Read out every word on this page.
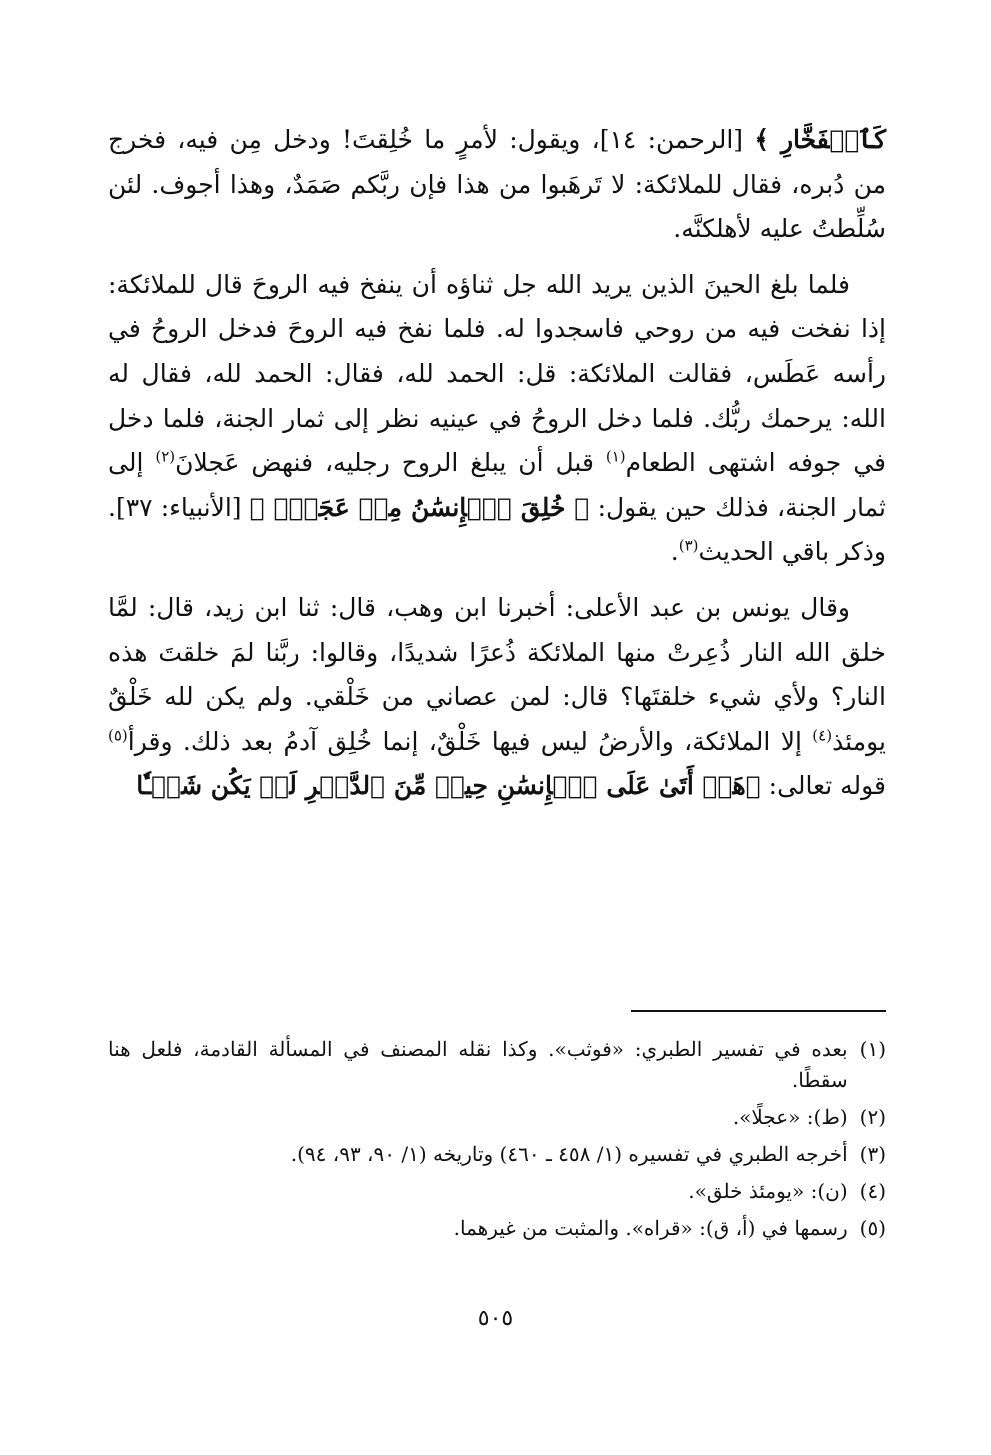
كَٱلۡفَخَّارِ ﴾ [الرحمن: ١٤]، ويقول: لأمرٍ ما خُلِقتَ! ودخل مِن فيه، فخرج من دُبره، فقال للملائكة: لا تَرهَبوا من هذا فإن ربَّكم صَمَدٌ، وهذا أجوف. لئن سُلِّطتُ عليه لأهلكنَّه.

فلما بلغ الحينَ الذين يريد الله جل ثناؤه أن ينفخ فيه الروحَ قال للملائكة: إذا نفخت فيه من روحي فاسجدوا له. فلما نفخ فيه الروحَ فدخل الروحُ في رأسه عَطَس، فقالت الملائكة: قل: الحمد لله، فقال: الحمد لله، فقال له الله: يرحمك ربُّك. فلما دخل الروحُ في عينيه نظر إلى ثمار الجنة، فلما دخل في جوفه اشتهى الطعام$^{(١)}$ قبل أن يبلغ الروح رجليه، فنهض عَجلانَ$^{(٢)}$ إلى ثمار الجنة، فذلك حين يقول: ﴿ خُلِقَ ٱلۡإِنسَٰنُ مِنۡ عَجَلٖۚ ﴾ [الأنبياء: ٣٧]. وذكر باقي الحديث$^{(٣)}$.

وقال يونس بن عبد الأعلى: أخبرنا ابن وهب، قال: ثنا ابن زيد، قال: لمَّا خلق الله النار ذُعِرتْ منها الملائكة ذُعرًا شديدًا، وقالوا: ربَّنا لمَ خلقتَ هذه النار؟ ولأي شيء خلقتَها؟ قال: لمن عصاني من خَلْقي. ولم يكن لله خَلْقٌ يومئذ$^{(٤)}$ إلا الملائكة، والأرضُ ليس فيها خَلْقٌ، إنما خُلِق آدمُ بعد ذلك. وقرأ$^{(٥)}$ قوله تعالى: ﴿هَلۡ أَتَىٰ عَلَى ٱلۡإِنسَٰنِ حِينٞ مِّنَ ٱلدَّهۡرِ لَمۡ يَكُن شَيۡـٔٗا

(١)
بعده في تفسير الطبري: «فوثب». وكذا نقله المصنف في المسألة القادمة، فلعل هنا سقطًا.
(٢)
(ط): «عجلًا».
(٣)
أخرجه الطبري في تفسيره (١/ ٤٥٨ ـ ٤٦٠) وتاريخه (١/ ٩٠، ٩٣، ٩٤).
(٤)
(ن): «يومئذ خلق».
(٥)
رسمها في (أ، ق): «قراه». والمثبت من غيرهما.
٥٠٥
